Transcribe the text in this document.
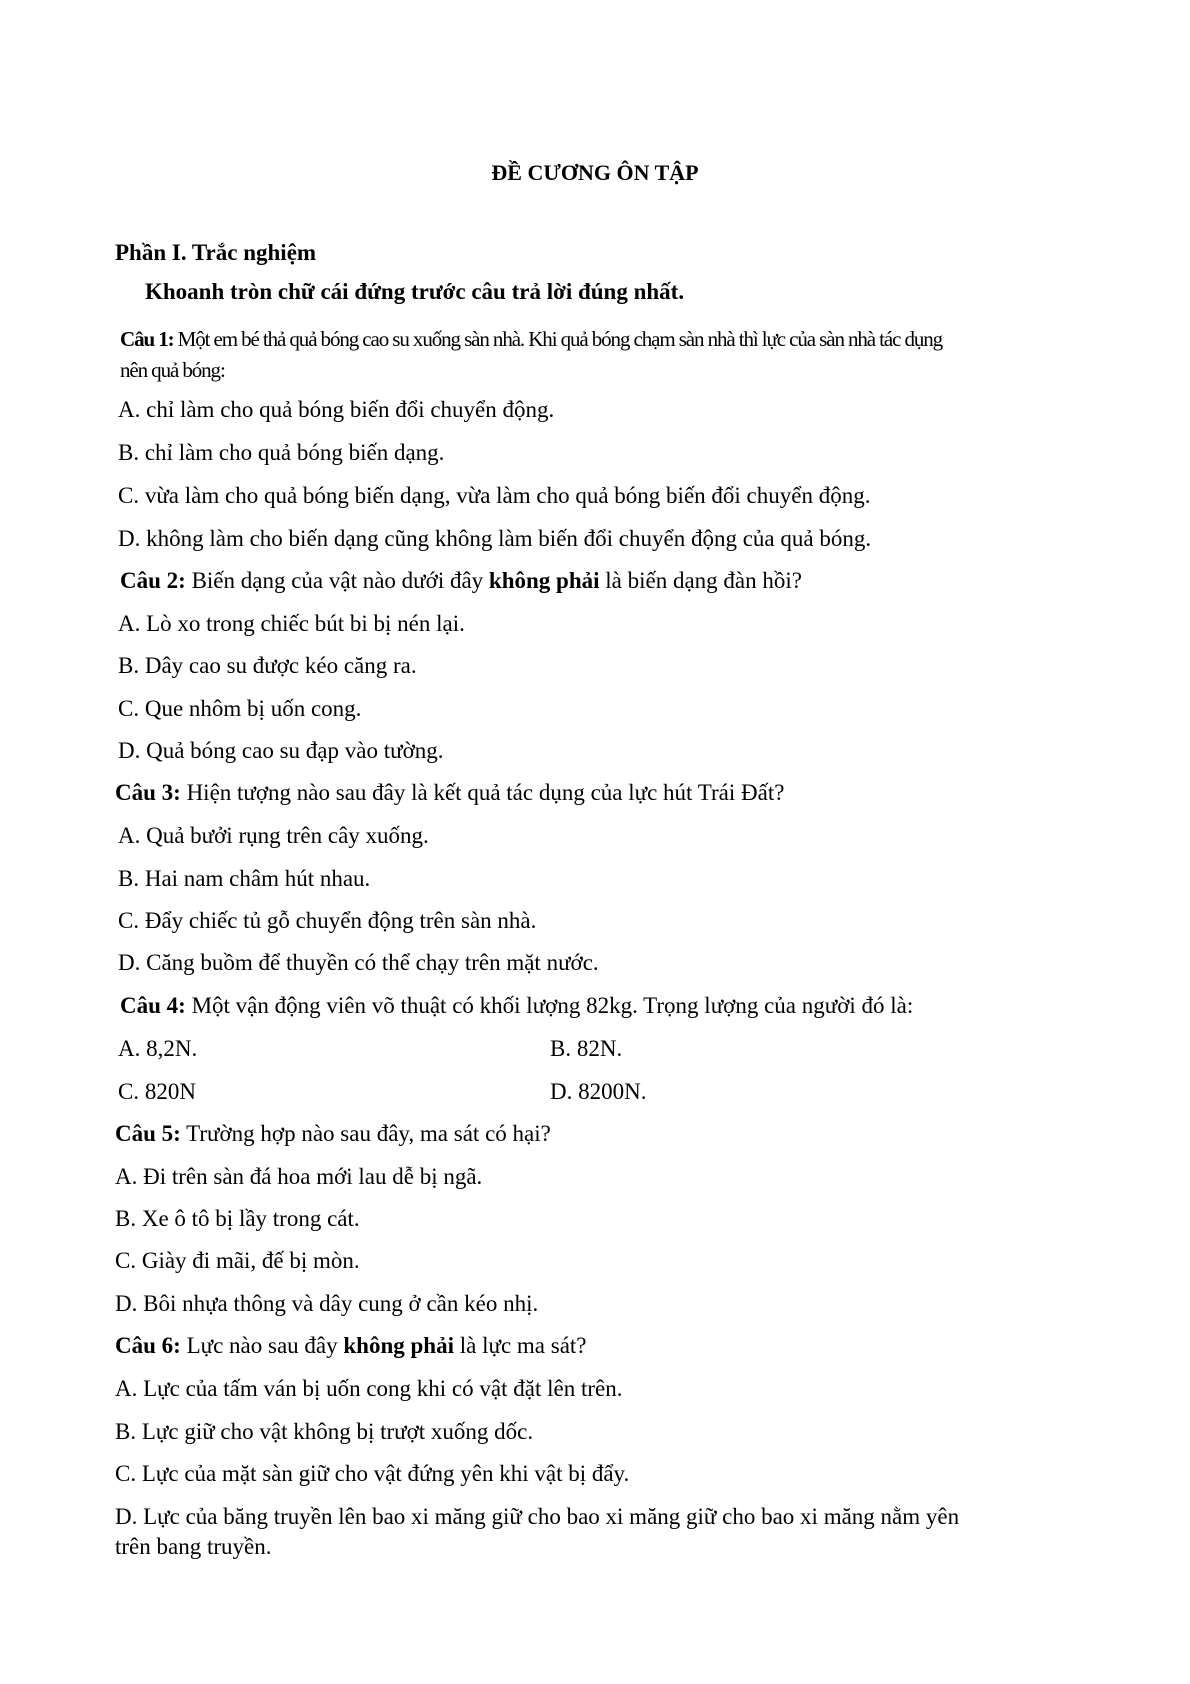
ĐỀ CƯƠNG ÔN TẬP

Phần I. Trắc nghiệm

Khoanh tròn chữ cái đứng trước câu trả lời đúng nhất.

Câu 1: Một em bé thả quả bóng cao su xuống sàn nhà. Khi quả bóng chạm sàn nhà thì lực của sàn nhà tác dụng

nên quả bóng:

A. chỉ làm cho quả bóng biến đổi chuyển động.

B. chỉ làm cho quả bóng biến dạng.

C. vừa làm cho quả bóng biến dạng, vừa làm cho quả bóng biến đổi chuyển động.

D. không làm cho biến dạng cũng không làm biến đổi chuyển động của quả bóng.

Câu 2: Biến dạng của vật nào dưới đây không phải là biến dạng đàn hồi?

A. Lò xo trong chiếc bút bi bị nén lại.

B. Dây cao su được kéo căng ra.

C. Que nhôm bị uốn cong.

D. Quả bóng cao su đạp vào tường.

Câu 3: Hiện tượng nào sau đây là kết quả tác dụng của lực hút Trái Đất?

A. Quả bưởi rụng trên cây xuống.

B. Hai nam châm hút nhau.

C. Đẩy chiếc tủ gỗ chuyển động trên sàn nhà.

D. Căng buồm để thuyền có thể chạy trên mặt nước.

Câu 4: Một vận động viên võ thuật có khối lượng 82kg. Trọng lượng của người đó là:

A. 8,2N.	B. 82N.

C. 820N	D. 8200N.

Câu 5: Trường hợp nào sau đây, ma sát có hại?

A. Đi trên sàn đá hoa mới lau dễ bị ngã.

B. Xe ô tô bị lầy trong cát.

C. Giày đi mãi, đế bị mòn.

D. Bôi nhựa thông và dây cung ở cần kéo nhị.

Câu 6: Lực nào sau đây không phải là lực ma sát?

A. Lực của tấm ván bị uốn cong khi có vật đặt lên trên.

B. Lực giữ cho vật không bị trượt xuống dốc.

C. Lực của mặt sàn giữ cho vật đứng yên khi vật bị đẩy.

D. Lực của băng truyền lên bao xi măng giữ cho bao xi măng giữ cho bao xi măng nằm yên

trên bang truyền.
